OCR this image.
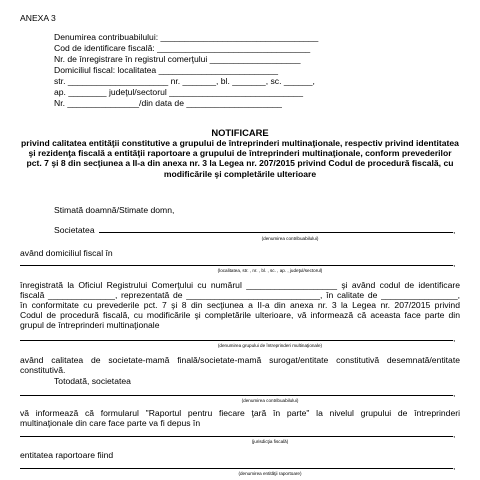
ANEXA 3
Denumirea contribuabilului: _________________________________
Cod de identificare fiscală: ________________________________
Nr. de înregistrare în registrul comerţului ___________________
Domiciliul fiscal: localitatea _________________________
str. _____________________ nr. _______, bl. _______, sc. ______,
ap. ________ judeţul/sectorul ____________________________
Nr. _______________/din data de ____________________
NOTIFICARE
privind calitatea entităţii constitutive a grupului de întreprinderi multinaţionale, respectiv privind identitatea şi rezidenţa fiscală a entităţii raportoare a grupului de întreprinderi multinaţionale, conform prevederilor pct. 7 şi 8 din secţiunea a II-a din anexa nr. 3 la Legea nr. 207/2015 privind Codul de procedură fiscală, cu modificările şi completările ulterioare
Stimată doamnă/Stimate domn,
Societatea	,
(denumirea contribuabilului)
având domiciliul fiscal în
,
(localitatea, str. , nr. , bl. , sc. , ap. , judeţul/sectorul)
înregistrată la Oficiul Registrului Comerţului cu numărul ___________________ şi având codul de identificare
fiscală ______________, reprezentată de ____________________________, în calitate de ________________,
în conformitate cu prevederile pct. 7 şi 8 din secţiunea a II-a din anexa nr. 3 la Legea nr. 207/2015 privind
Codul de procedură fiscală, cu modificările şi completările ulterioare, vă informează că aceasta face parte din
grupul de întreprinderi multinaţionale
,
(denumirea grupului de întreprinderi multinaţionale)
având calitatea de societate-mamă finală/societate-mamă surogat/entitate constitutivă desemnată/entitate
constitutivă.
Totodată, societatea
,
(denumirea contribuabilului)
vă informează că formularul "Raportul pentru fiecare ţară în parte" la nivelul grupului de întreprinderi
multinaţionale din care face parte va fi depus în
,
(jurisdicţia fiscală)
entitatea raportoare fiind
,
(denumirea entităţii raportoare)
